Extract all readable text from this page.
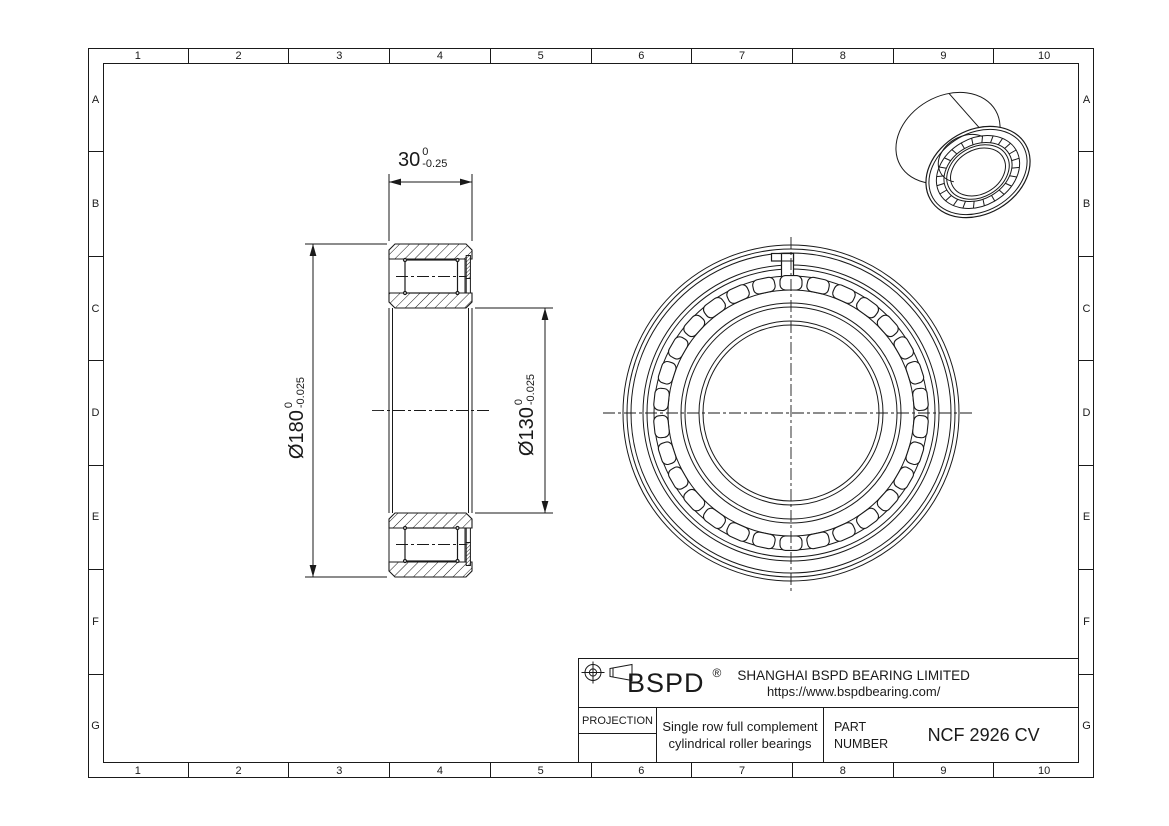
1	2	3	4	5	6	7	8	9	10
1	2	3	4	5	6	7	8	9	10
A
B
C
D
E
F
G
A
B
C
D
E
F
G
30 0
-0.25
Ø180
0 -0.025
Ø130
0 -0.025
BSPD ® SHANGHAI BSPD BEARING LIMITED
https://www.bspdbearing.com/
PROJECTION Single row full complement
cylindrical roller bearings
PART
NUMBER	NCF 2926 CV
